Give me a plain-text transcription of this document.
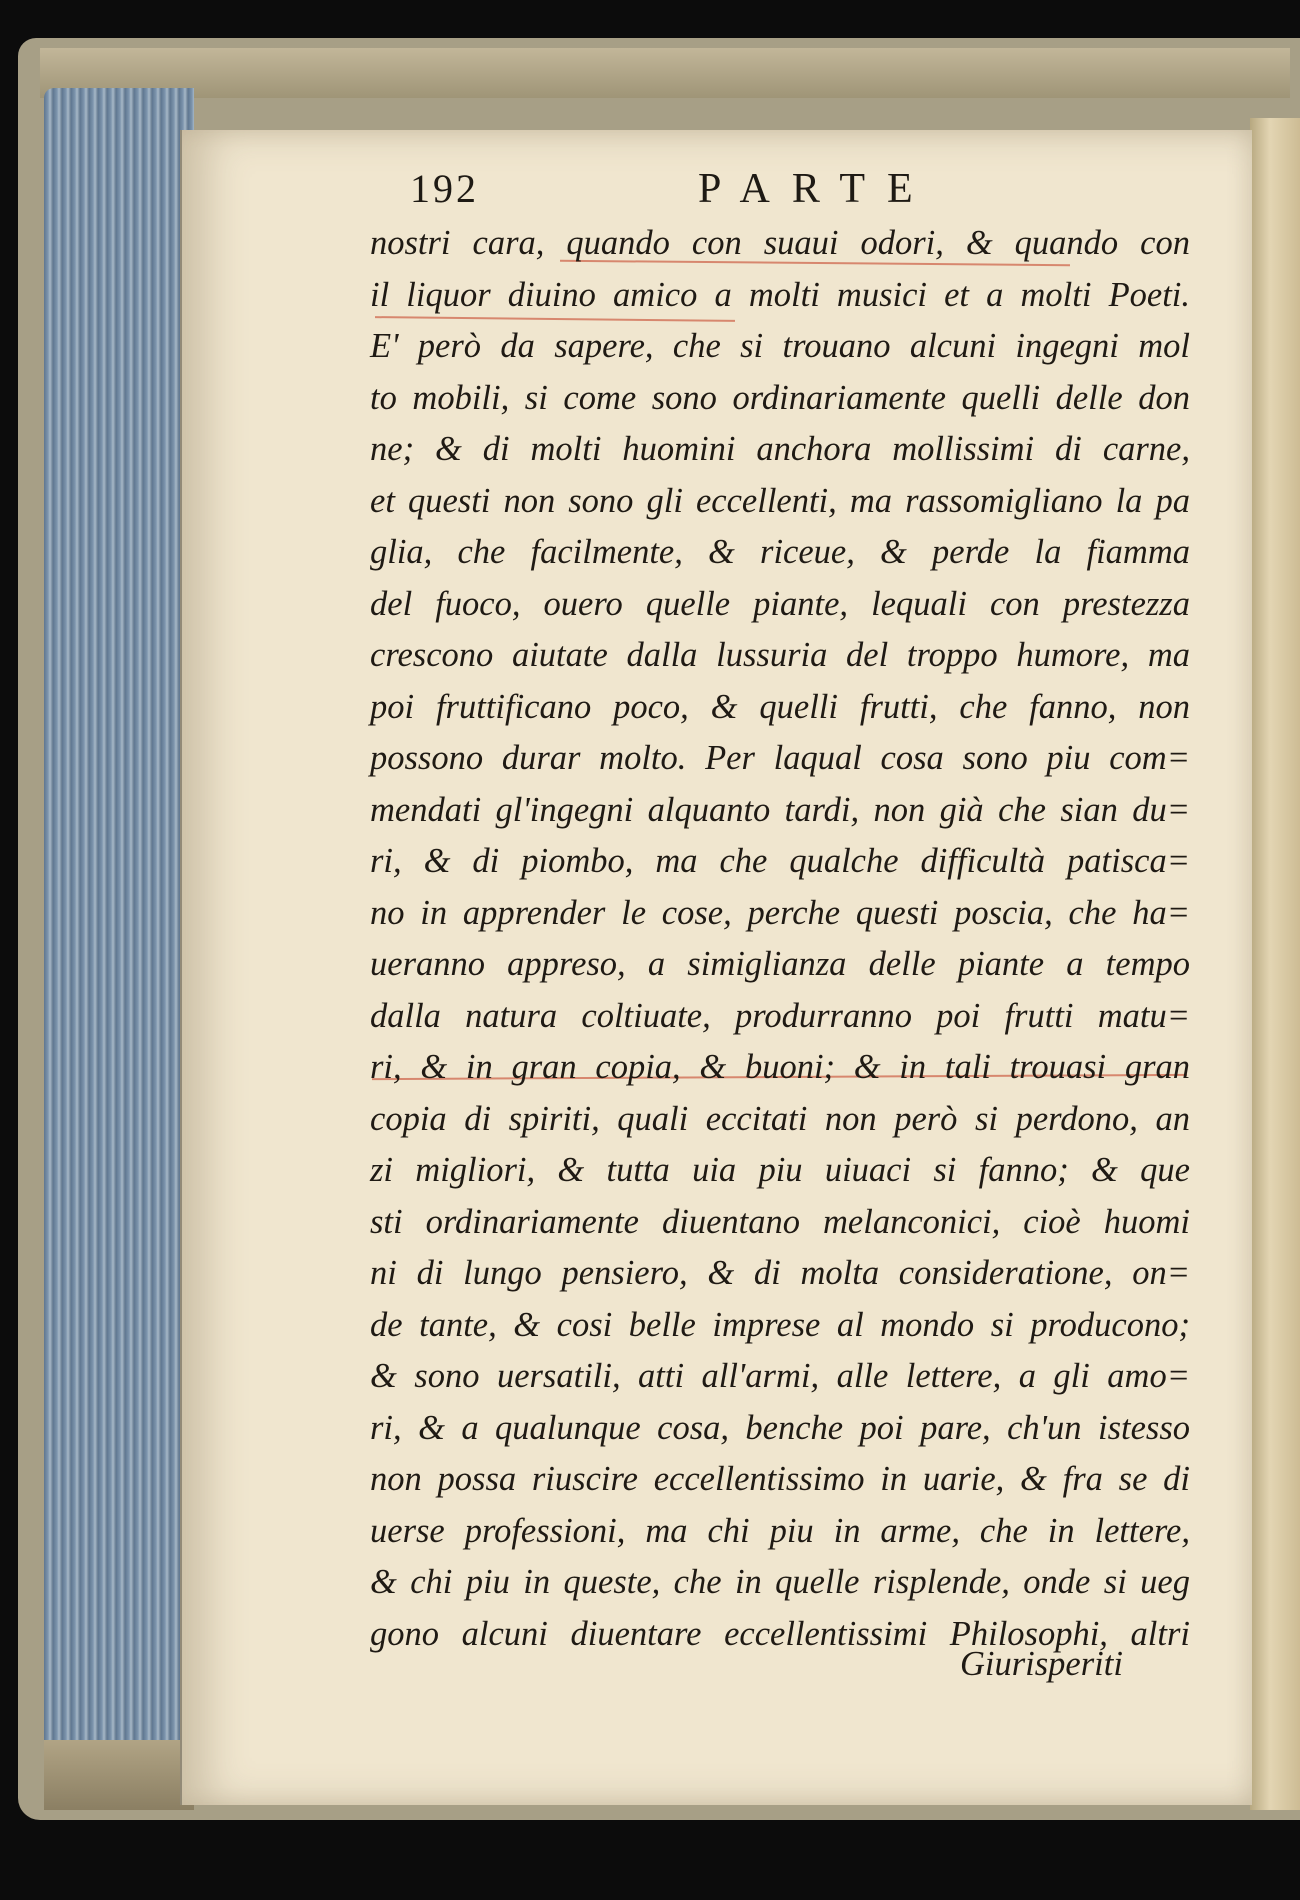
192	PARTE
nostri cara, quando con suaui odori, & quando con
il liquor diuino amico a molti musici et a molti Poeti.
E' però da sapere, che si trouano alcuni ingegni mol
to mobili, si come sono ordinariamente quelli delle don
ne; & di molti huomini anchora mollissimi di carne,
et questi non sono gli eccellenti, ma rassomigliano la pa
glia, che facilmente, & riceue, & perde la fiamma
del fuoco, ouero quelle piante, lequali con prestezza
crescono aiutate dalla lussuria del troppo humore, ma
poi fruttificano poco, & quelli frutti, che fanno, non
possono durar molto. Per laqual cosa sono piu com=
mendati gl'ingegni alquanto tardi, non già che sian du=
ri, & di piombo, ma che qualche difficultà patisca=
no in apprender le cose, perche questi poscia, che ha=
ueranno appreso, a simiglianza delle piante a tempo
dalla natura coltiuate, produrranno poi frutti matu=
ri, & in gran copia, & buoni; & in tali trouasi gran
copia di spiriti, quali eccitati non però si perdono, an
zi migliori, & tutta uia piu uiuaci si fanno; & que
sti ordinariamente diuentano melanconici, cioè huomi
ni di lungo pensiero, & di molta consideratione, on=
de tante, & cosi belle imprese al mondo si producono;
& sono uersatili, atti all'armi, alle lettere, a gli amo=
ri, & a qualunque cosa, benche poi pare, ch'un istesso
non possa riuscire eccellentissimo in uarie, & fra se di
uerse professioni, ma chi piu in arme, che in lettere,
& chi piu in queste, che in quelle risplende, onde si ueg
gono alcuni diuentare eccellentissimi Philosophi, altri
Giurisperiti
